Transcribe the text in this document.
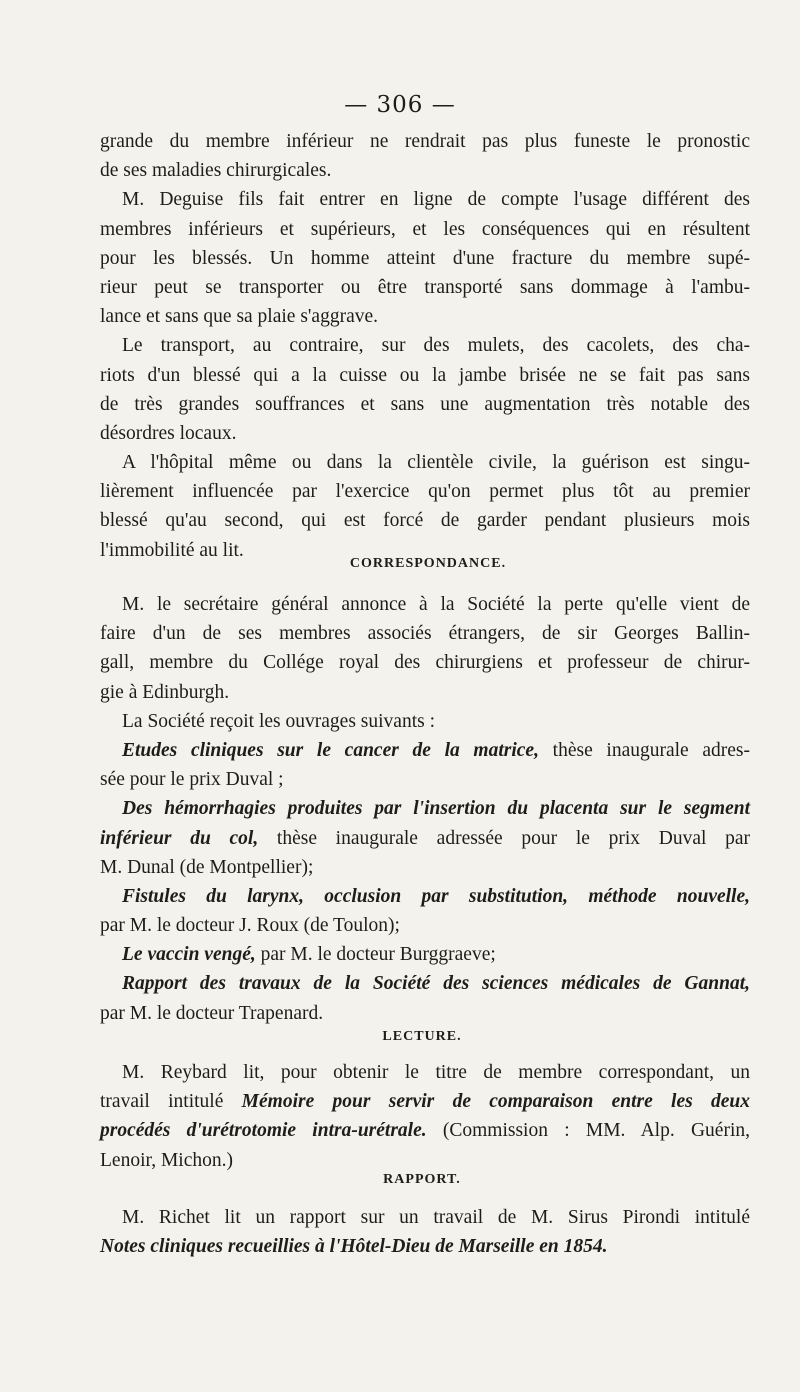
— 306 —
grande du membre inférieur ne rendrait pas plus funeste le pronostic
de ses maladies chirurgicales.
M. Deguise fils fait entrer en ligne de compte l'usage différent des
membres inférieurs et supérieurs, et les conséquences qui en résultent
pour les blessés. Un homme atteint d'une fracture du membre supé-
rieur peut se transporter ou être transporté sans dommage à l'ambu-
lance et sans que sa plaie s'aggrave.
Le transport, au contraire, sur des mulets, des cacolets, des cha-
riots d'un blessé qui a la cuisse ou la jambe brisée ne se fait pas sans
de très grandes souffrances et sans une augmentation très notable des
désordres locaux.
A l'hôpital même ou dans la clientèle civile, la guérison est singu-
lièrement influencée par l'exercice qu'on permet plus tôt au premier
blessé qu'au second, qui est forcé de garder pendant plusieurs mois
l'immobilité au lit.
CORRESPONDANCE.
M. le secrétaire général annonce à la Société la perte qu'elle vient de
faire d'un de ses membres associés étrangers, de sir Georges Ballin-
gall, membre du Collége royal des chirurgiens et professeur de chirur-
gie à Edinburgh.
La Société reçoit les ouvrages suivants :
Etudes cliniques sur le cancer de la matrice, thèse inaugurale adres-
sée pour le prix Duval ;
Des hémorrhagies produites par l'insertion du placenta sur le segment
inférieur du col, thèse inaugurale adressée pour le prix Duval par
M. Dunal (de Montpellier);
Fistules du larynx, occlusion par substitution, méthode nouvelle,
par M. le docteur J. Roux (de Toulon);
Le vaccin vengé, par M. le docteur Burggraeve;
Rapport des travaux de la Société des sciences médicales de Gannat,
par M. le docteur Trapenard.
LECTURE.
M. Reybard lit, pour obtenir le titre de membre correspondant, un
travail intitulé Mémoire pour servir de comparaison entre les deux
procédés d'urétrotomie intra-urétrale. (Commission : MM. Alp. Guérin,
Lenoir, Michon.)
RAPPORT.
M. Richet lit un rapport sur un travail de M. Sirus Pirondi intitulé
Notes cliniques recueillies à l'Hôtel-Dieu de Marseille en 1854.
